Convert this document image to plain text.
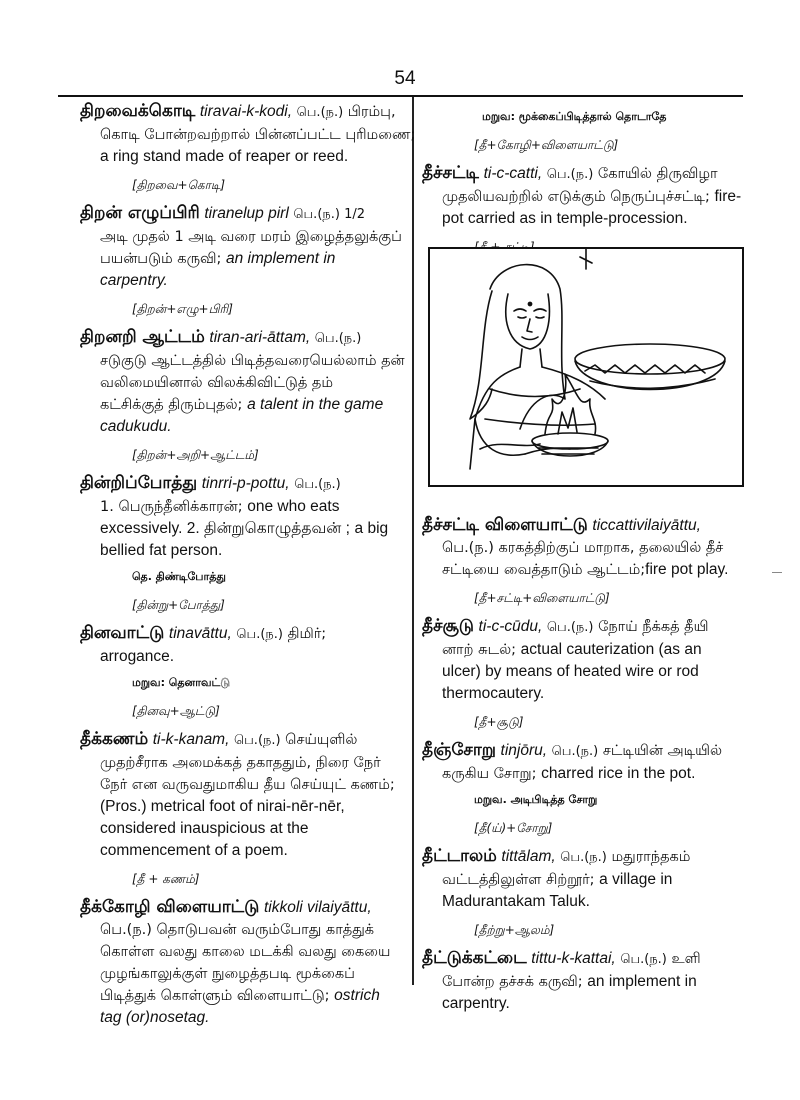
54
திறவைக்கொடி tiravai-k-kodi, பெ.(ந.) பிரம்பு,
கொடி போன்றவற்றால் பின்னப்பட்ட புரிமணை;
a ring stand made of reaper or reed.
[திறவை+கொடி]
திறன் எழுப்பிரி tiranelup pirl பெ.(ந.) 1/2
அடி முதல் 1 அடி வரை மரம் இழைத்தலுக்குப்
பயன்படும் கருவி; an implement in
carpentry.
[திறன்+எழு+பிரி]
திறனறி ஆட்டம் tiran-ari-āttam, பெ.(ந.)
சடுகுடு ஆட்டத்தில் பிடித்தவரையெல்லாம் தன்
வலிமையினால் விலக்கிவிட்டுத் தம்
கட்சிக்குத் திரும்புதல்; a talent in the game
cadukudu.
[திறன்+அறி+ஆட்டம்]
தின்றிப்போத்து tinrri-p-pottu, பெ.(ந.)
1. பெருந்தீனிக்காரன்; one who eats
excessively. 2. தின்றுகொழுத்தவன் ; a big
bellied fat person.
தெ. திண்டிபோத்து
[தின்று+போத்து]
தினவாட்டு tinavāttu, பெ.(ந.) திமிர்;
arrogance.
மறுவ: தெனாவட்டு
[தினவு+ஆட்டு]
தீக்கணம் ti-k-kanam, பெ.(ந.) செய்யுளில்
முதற்சீராக அமைக்கத் தகாததும், நிரை நேர்
நேர் என வருவதுமாகிய தீய செய்யுட் கணம்;
(Pros.) metrical foot of nirai-nēr-nēr,
considered inauspicious at the
commencement of a poem.
[தீ + கணம்]
தீக்கோழி விளையாட்டு tikkoli vilaiyāttu,
பெ.(ந.) தொடுபவன் வரும்போது காத்துக்
கொள்ள வலது காலை மடக்கி வலது கையை
முழங்காலுக்குள் நுழைத்தபடி மூக்கைப்
பிடித்துக் கொள்ளும் விளையாட்டு; ostrich
tag (or)nosetag.
மறுவ: மூக்கைப்பிடித்தால் தொடாதே
[தீ+கோழி+விளையாட்டு]
தீச்சட்டி ti-c-catti, பெ.(ந.) கோயில் திருவிழா
முதலியவற்றில் எடுக்கும் நெருப்புச்சட்டி; fire-
pot carried as in temple-procession.
தீச்சட்டி விளையாட்டு ticcattivilaiyāttu,
பெ.(ந.) கரகத்திற்குப் மாறாக, தலையில் தீச்
சட்டியை வைத்தாடும் ஆட்டம்;fire pot play.
[தீ+சட்டி+விளையாட்டு]
தீச்சூடு ti-c-cūdu, பெ.(ந.) நோய் நீக்கத் தீயி
னாற் சுடல்; actual cauterization (as an
ulcer) by means of heated wire or rod
thermocautery.
[தீ+சூடு]
தீஞ்சோறு tinjōru, பெ.(ந.) சட்டியின் அடியில்
கருகிய சோறு; charred rice in the pot.
மறுவ. அடிபிடித்த சோறு
[தீ(ய்)+சோறு]
தீட்டாலம் tittālam, பெ.(ந.) மதுராந்தகம்
வட்டத்திலுள்ள சிற்றூர்; a village in
Madurantakam Taluk.
[தீற்று+ஆலம்]
தீட்டுக்கட்டை tittu-k-kattai, பெ.(ந.) உளி
போன்ற தச்சக் கருவி; an implement in
carpentry.
